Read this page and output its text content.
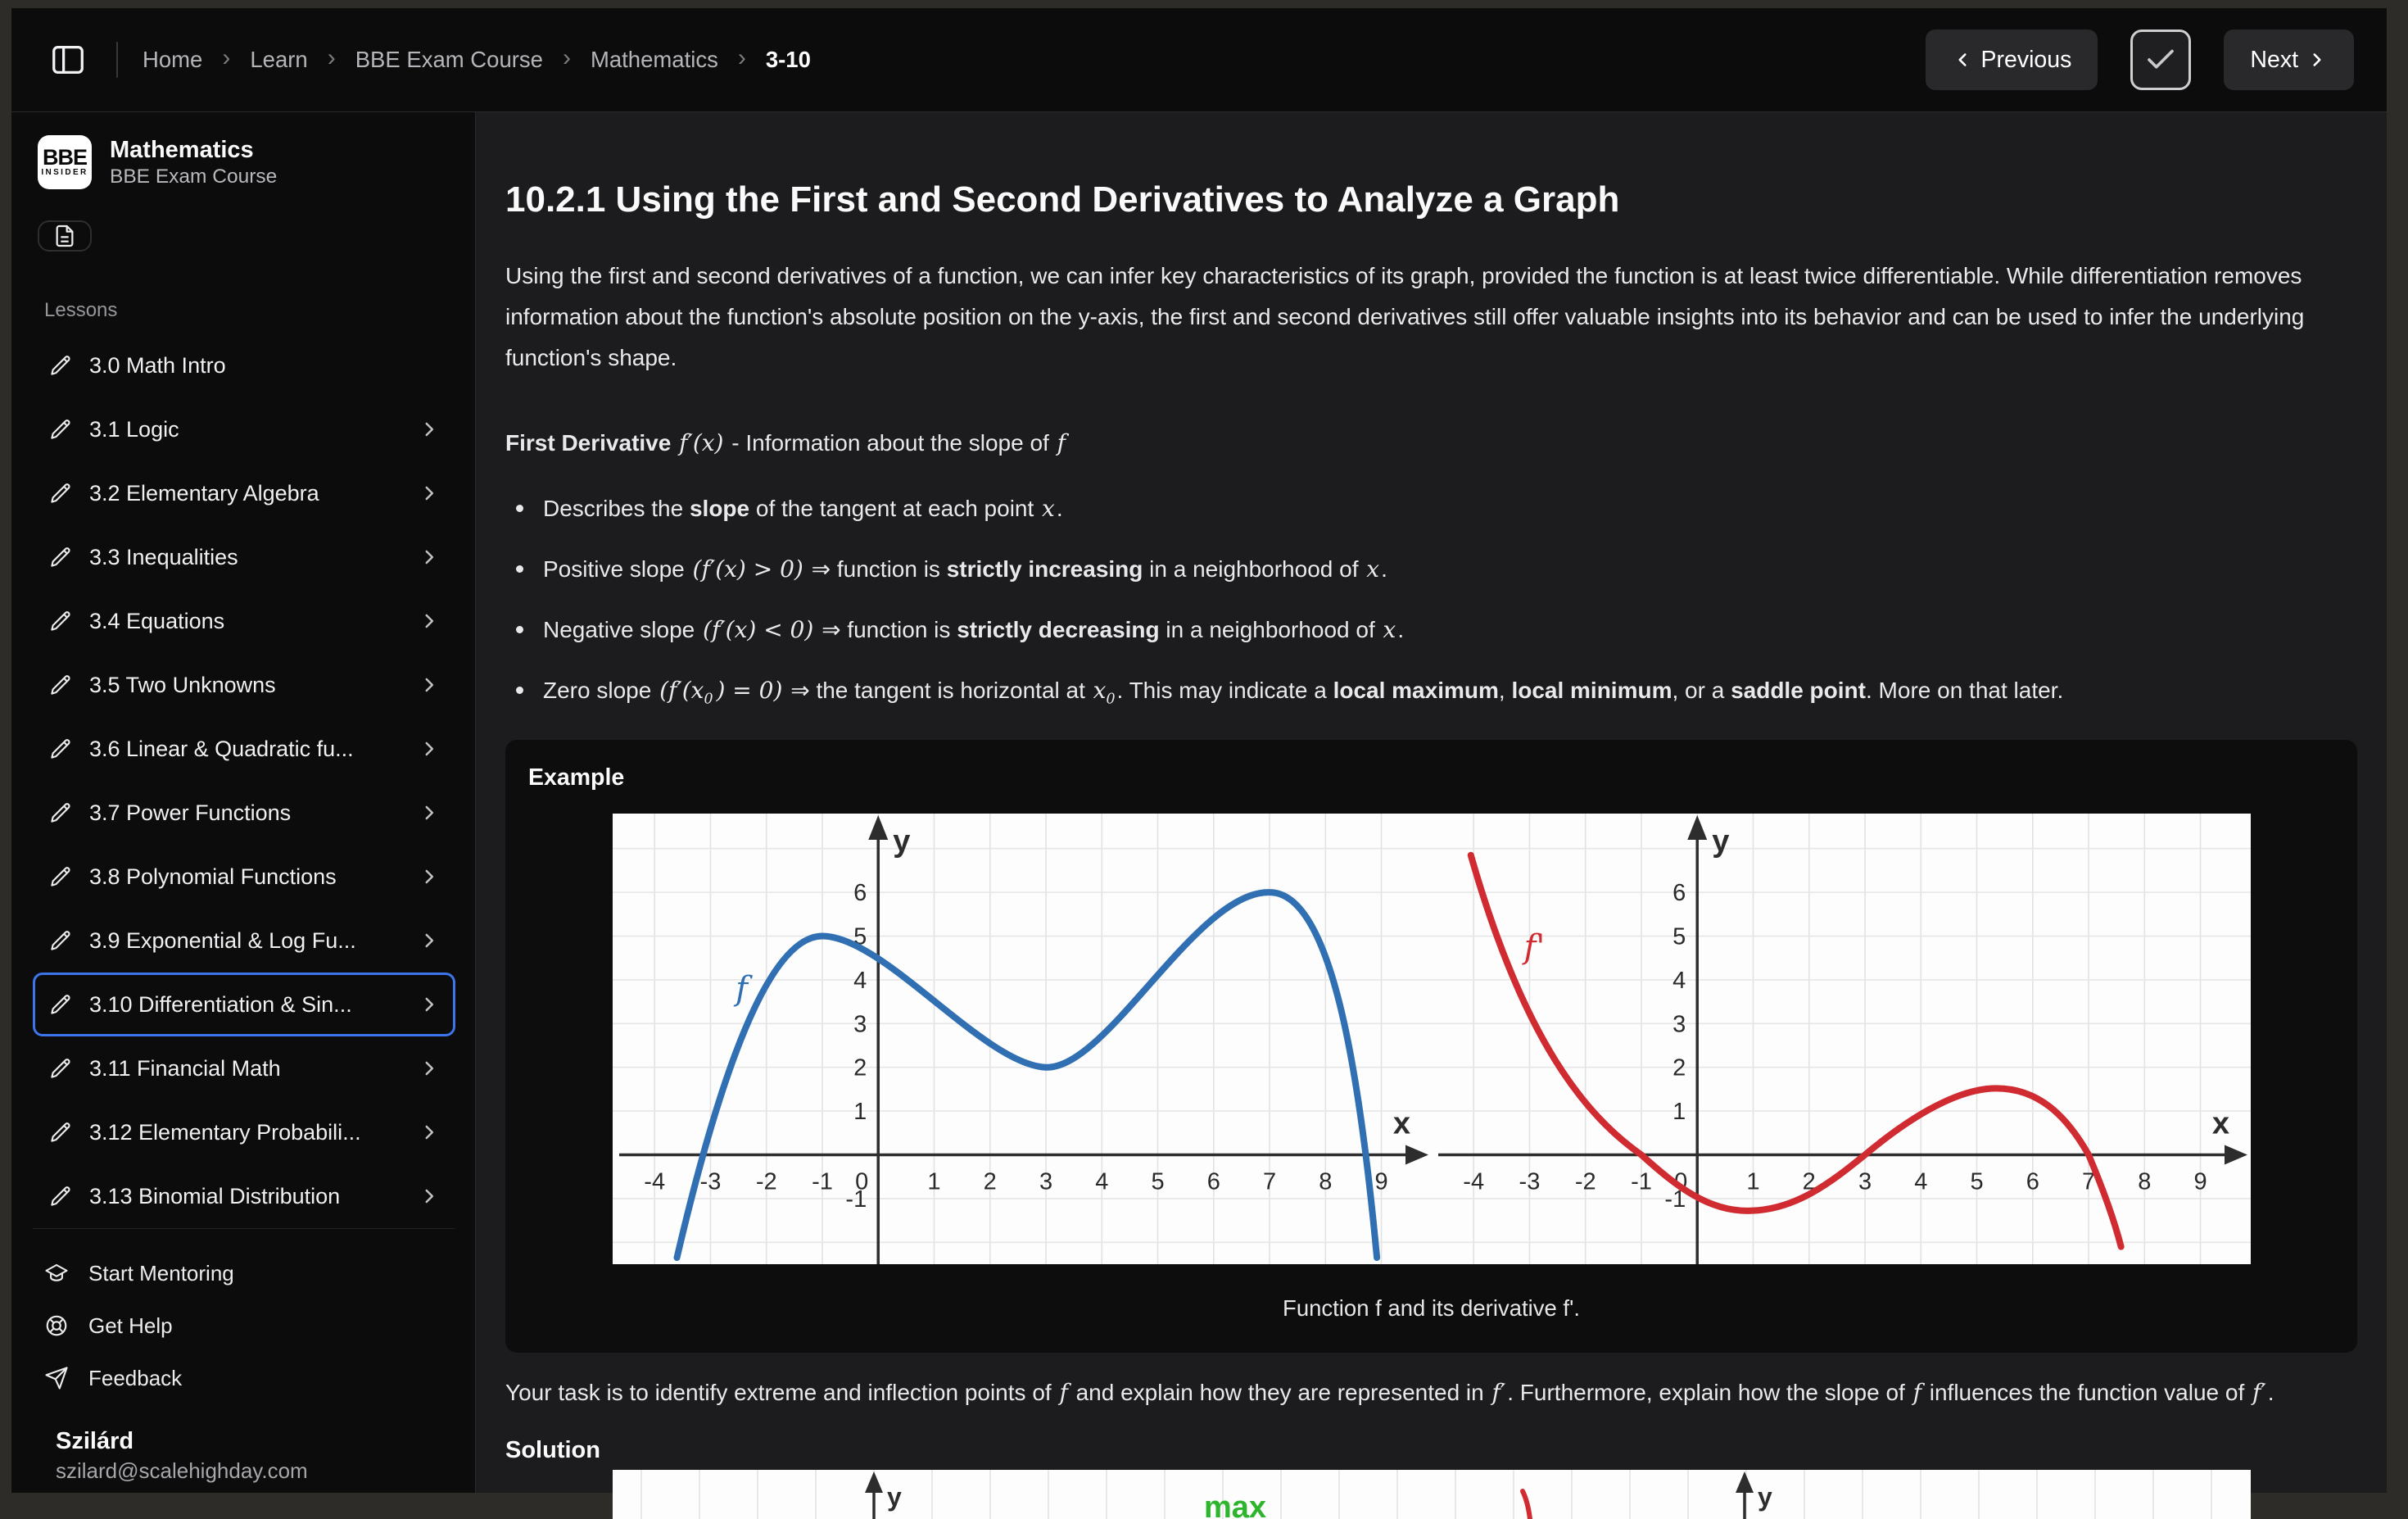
Home › Learn › BBE Exam Course › Mathematics › 3-10	Previous	Next
BBE
INSIDER
Mathematics
BBE Exam Course
Lessons
3.0 Math Intro
3.1 Logic
3.2 Elementary Algebra
3.3 Inequalities
3.4 Equations
3.5 Two Unknowns
3.6 Linear & Quadratic fu...
3.7 Power Functions
3.8 Polynomial Functions
3.9 Exponential & Log Fu...
3.10 Differentiation & Sin...
3.11 Financial Math
3.12 Elementary Probabili...
3.13 Binomial Distribution
Start Mentoring
Get Help
Feedback
Szilárd
szilard@scalehighday.com
10.2.1 Using the First and Second Derivatives to Analyze a Graph

Using the first and second derivatives of a function, we can infer key characteristics of its graph, provided the function is at least twice differentiable. While differentiation removes information about the function's absolute position on the y-axis, the first and second derivatives still offer valuable insights into its behavior and can be used to infer the underlying function's shape.

First Derivative f′(x) - Information about the slope of f

Describes the slope of the tangent at each point x.
Positive slope (f′(x) > 0) ⇒ function is strictly increasing in a neighborhood of x.
Negative slope (f′(x) < 0) ⇒ function is strictly decreasing in a neighborhood of x.
Zero slope ($f'(x_0$ ) = 0) ⇒ the tangent is horizontal at $x_0$. This may indicate a local maximum, local minimum, or a saddle point. More on that later.
Example
x
y
-4 -3 -2 -1	1 2 3 4 5 6 7 8 9
0
-1
1
2
3
4
5
6
f
x
y
-4 -3 -2 -1	1 2 3 4 5 6 7 8 9
0
-1
1
2
3
4
5
6
f'
Function f and its derivative f'.

Your task is to identify extreme and inflection points of f and explain how they are represented in f′. Furthermore, explain how the slope of f influences the function value of f′.

Solution
y	y
max
